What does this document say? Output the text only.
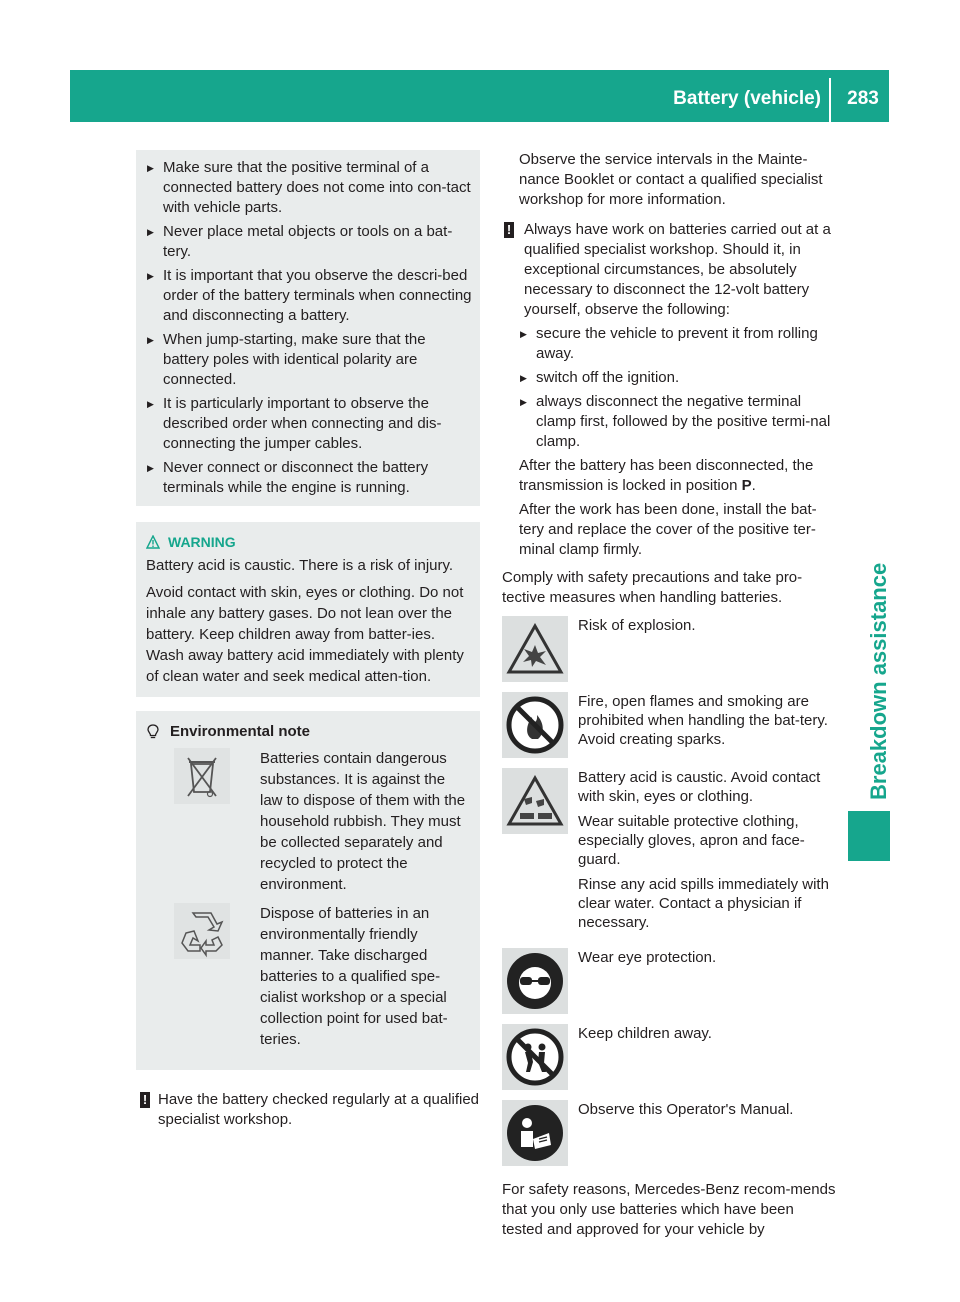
Battery (vehicle)	283
Breakdown assistance
▶ Make sure that the positive terminal of a connected battery does not come into con-tact with vehicle parts.
▶ Never place metal objects or tools on a bat-tery.
▶ It is important that you observe the descri-bed order of the battery terminals when connecting and disconnecting a battery.
▶ When jump-starting, make sure that the battery poles with identical polarity are connected.
▶ It is particularly important to observe the described order when connecting and dis-connecting the jumper cables.
▶ Never connect or disconnect the battery terminals while the engine is running.
WARNING

Battery acid is caustic. There is a risk of injury.

Avoid contact with skin, eyes or clothing. Do not inhale any battery gases. Do not lean over the battery. Keep children away from batter-ies. Wash away battery acid immediately with plenty of clean water and seek medical atten-tion.

Environmental note
Batteries contain dangerous substances. It is against the law to dispose of them with the household rubbish. They must be collected separately and recycled to protect the environment.
Dispose of batteries in an environmentally friendly manner. Take discharged batteries to a qualified spe-cialist workshop or a special collection point for used bat-teries.
! Have the battery checked regularly at a qualified specialist workshop.

Observe the service intervals in the Mainte-nance Booklet or contact a qualified specialist workshop for more information.

! Always have work on batteries carried out at a qualified specialist workshop. Should it, in exceptional circumstances, be absolutely necessary to disconnect the 12-volt battery yourself, observe the following:
▶ secure the vehicle to prevent it from rolling away.
▶ switch off the ignition.
▶ always disconnect the negative terminal clamp first, followed by the positive termi-nal clamp.

After the battery has been disconnected, the transmission is locked in position P.

After the work has been done, install the bat-tery and replace the cover of the positive ter-minal clamp firmly.

Comply with safety precautions and take pro-tective measures when handling batteries.

Risk of explosion.

Fire, open flames and smoking are prohibited when handling the bat-tery. Avoid creating sparks.

Battery acid is caustic. Avoid contact with skin, eyes or clothing.

Wear suitable protective clothing, especially gloves, apron and face-guard.

Rinse any acid spills immediately with clear water. Contact a physician if necessary.

Wear eye protection.

Keep children away.

Observe this Operator's Manual.

For safety reasons, Mercedes-Benz recom-mends that you only use batteries which have been tested and approved for your vehicle by
